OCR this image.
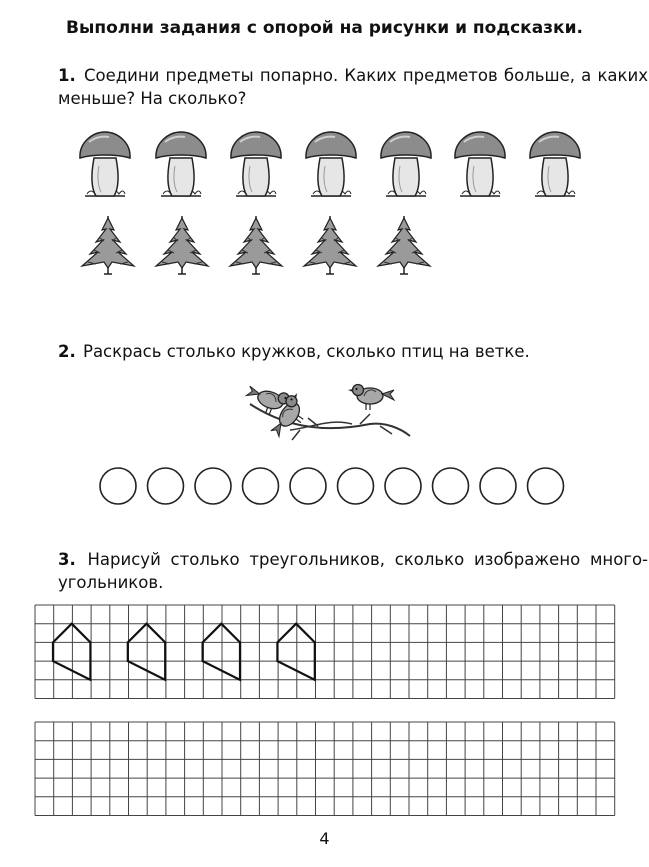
Выполни задания с опорой на рисунки и подсказки.
1. Соедини предметы попарно. Каких предметов больше, а каких меньше? На сколько?
2. Раскрась столько кружков, сколько птиц на ветке.
3. Нарисуй столько треугольников, сколько изображено много-угольников.
4
